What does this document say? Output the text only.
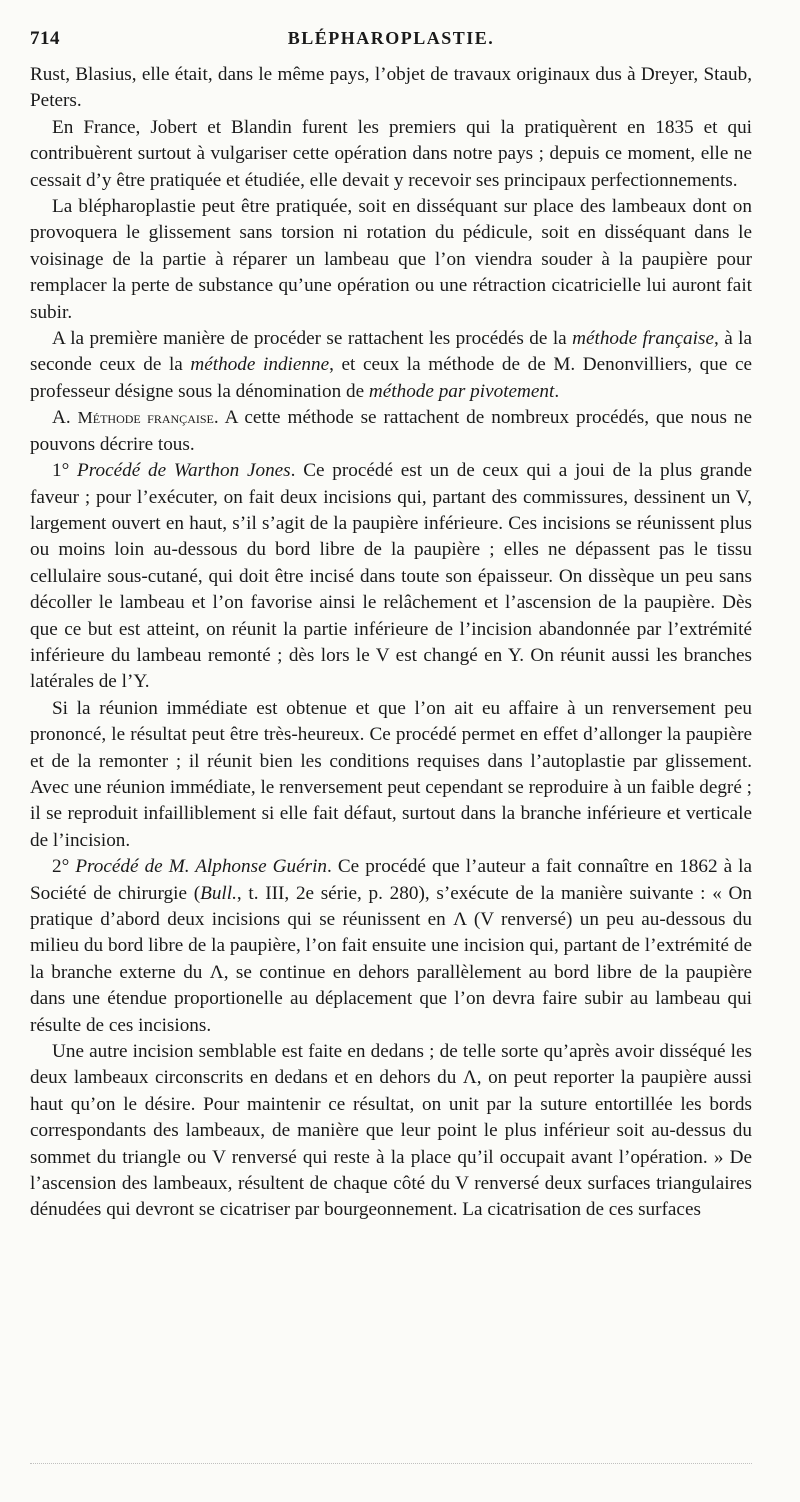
714	BLÉPHAROPLASTIE.

Rust, Blasius, elle était, dans le même pays, l’objet de travaux originaux dus à Dreyer, Staub, Peters.

En France, Jobert et Blandin furent les premiers qui la pratiquèrent en 1835 et qui contribuèrent surtout à vulgariser cette opération dans notre pays ; depuis ce moment, elle ne cessait d’y être pratiquée et étudiée, elle devait y recevoir ses principaux perfectionnements.

La blépharoplastie peut être pratiquée, soit en disséquant sur place des lambeaux dont on provoquera le glissement sans torsion ni rotation du pédicule, soit en disséquant dans le voisinage de la partie à réparer un lambeau que l’on viendra souder à la paupière pour remplacer la perte de substance qu’une opération ou une rétraction cicatricielle lui auront fait subir.

A la première manière de procéder se rattachent les procédés de la méthode française, à la seconde ceux de la méthode indienne, et ceux la méthode de de M. Denonvilliers, que ce professeur désigne sous la dénomination de méthode par pivotement.

A. Méthode française. A cette méthode se rattachent de nombreux procédés, que nous ne pouvons décrire tous.

1° Procédé de Warthon Jones. Ce procédé est un de ceux qui a joui de la plus grande faveur ; pour l’exécuter, on fait deux incisions qui, partant des commissures, dessinent un V, largement ouvert en haut, s’il s’agit de la paupière inférieure. Ces incisions se réunissent plus ou moins loin au-dessous du bord libre de la paupière ; elles ne dépassent pas le tissu cellulaire sous-cutané, qui doit être incisé dans toute son épaisseur. On dissèque un peu sans décoller le lambeau et l’on favorise ainsi le relâchement et l’ascension de la paupière. Dès que ce but est atteint, on réunit la partie inférieure de l’incision abandonnée par l’extrémité inférieure du lambeau remonté ; dès lors le V est changé en Y. On réunit aussi les branches latérales de l’Y.

Si la réunion immédiate est obtenue et que l’on ait eu affaire à un renversement peu prononcé, le résultat peut être très-heureux. Ce procédé permet en effet d’allonger la paupière et de la remonter ; il réunit bien les conditions requises dans l’autoplastie par glissement. Avec une réunion immédiate, le renversement peut cependant se reproduire à un faible degré ; il se reproduit infailliblement si elle fait défaut, surtout dans la branche inférieure et verticale de l’incision.

2° Procédé de M. Alphonse Guérin. Ce procédé que l’auteur a fait connaître en 1862 à la Société de chirurgie (Bull., t. III, 2e série, p. 280), s’exécute de la manière suivante : « On pratique d’abord deux incisions qui se réunissent en Λ (V renversé) un peu au-dessous du milieu du bord libre de la paupière, l’on fait ensuite une incision qui, partant de l’extrémité de la branche externe du Λ, se continue en dehors parallèlement au bord libre de la paupière dans une étendue proportionelle au déplacement que l’on devra faire subir au lambeau qui résulte de ces incisions.

Une autre incision semblable est faite en dedans ; de telle sorte qu’après avoir disséqué les deux lambeaux circonscrits en dedans et en dehors du Λ, on peut reporter la paupière aussi haut qu’on le désire. Pour maintenir ce résultat, on unit par la suture entortillée les bords correspondants des lambeaux, de manière que leur point le plus inférieur soit au-dessus du sommet du triangle ou V renversé qui reste à la place qu’il occupait avant l’opération. » De l’ascension des lambeaux, résultent de chaque côté du V renversé deux surfaces triangulaires dénudées qui devront se cicatriser par bourgeonnement. La cicatrisation de ces surfaces
